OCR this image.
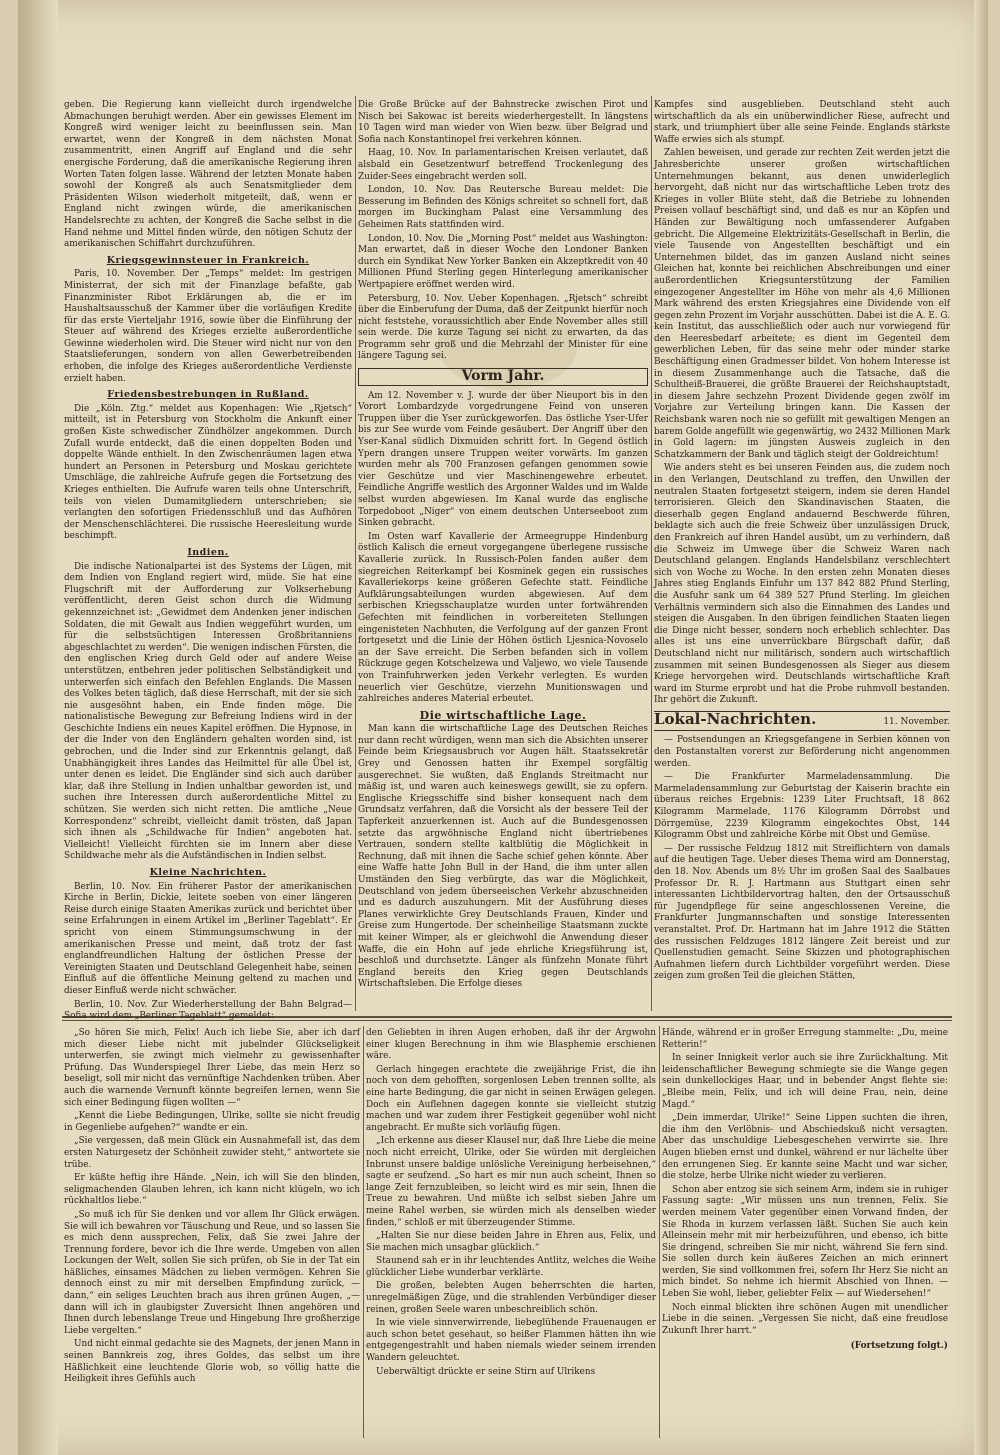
geben. Die Regierung kann vielleicht durch irgendwelche Abmachungen beruhigt werden. Aber ein gewisses Element im Kongreß wird weniger leicht zu beeinflussen sein. Man erwartet, wenn der Kongreß in dem nächsten Monat zusammentritt, einen Angriff auf England und die sehr energische Forderung, daß die amerikanische Regierung ihren Worten Taten folgen lasse. Während der letzten Monate haben sowohl der Kongreß als auch Senatsmitglieder dem Präsidenten Wilson wiederholt mitgeteilt, daß, wenn er England nicht zwingen würde, die amerikanischen Handelsrechte zu achten, der Kongreß die Sache selbst in die Hand nehme und Mittel finden würde, den nötigen Schutz der amerikanischen Schiffahrt durchzuführen.

Kriegsgewinnsteuer in Frankreich.

Paris, 10. November. Der „Temps“ meldet: Im gestrigen Ministerrat, der sich mit der Finanzlage befaßte, gab Finanzminister Ribot Erklärungen ab, die er im Haushaltsausschuß der Kammer über die vorläufigen Kredite für das erste Vierteljahr 1916, sowie über die Einführung der Steuer auf während des Krieges erzielte außerordentliche Gewinne wiederholen wird. Die Steuer wird nicht nur von den Staatslieferungen, sondern von allen Gewerbetreibenden erhoben, die infolge des Krieges außerordentliche Verdienste erzielt haben.

Friedensbestrebungen in Rußland.

Die „Köln. Ztg.“ meldet aus Kopenhagen: Wie „Rjetsch“ mitteilt, ist in Petersburg von Stockholm die Ankunft einer großen Kiste schwedischer Zündhölzer angekommen. Durch Zufall wurde entdeckt, daß die einen doppelten Boden und doppelte Wände enthielt. In den Zwischenräumen lagen etwa hundert an Personen in Petersburg und Moskau gerichtete Umschläge, die zahlreiche Aufrufe gegen die Fortsetzung des Krieges enthielten. Die Aufrufe waren teils ohne Unterschrift, teils von vielen Dumamitgliedern unterschrieben; sie verlangten den sofortigen Friedensschluß und das Aufhören der Menschenschlächterei. Die russische Heeresleitung wurde beschimpft.

Indien.

Die indische Nationalpartei ist des Systems der Lügen, mit dem Indien von England regiert wird, müde. Sie hat eine Flugschrift mit der Aufforderung zur Volkserhebung veröffentlicht, deren Geist schon durch die Widmung gekennzeichnet ist: „Gewidmet dem Andenken jener indischen Soldaten, die mit Gewalt aus Indien weggeführt wurden, um für die selbstsüchtigen Interessen Großbritanniens abgeschlachtet zu werden“. Die wenigen indischen Fürsten, die den englischen Krieg durch Geld oder auf andere Weise unterstützen, entbehren jeder politischen Selbständigkeit und unterwerfen sich einfach den Befehlen Englands. Die Massen des Volkes beten täglich, daß diese Herrschaft, mit der sie sich nie ausgesöhnt haben, ein Ende finden möge. Die nationalistische Bewegung zur Befreiung Indiens wird in der Geschichte Indiens ein neues Kapitel eröffnen. Die Hypnose, in der die Inder von den Engländern gehalten worden sind, ist gebrochen, und die Inder sind zur Erkenntnis gelangt, daß Unabhängigkeit ihres Landes das Heilmittel für alle Übel ist, unter denen es leidet. Die Engländer sind sich auch darüber klar, daß ihre Stellung in Indien unhaltbar geworden ist, und suchen ihre Interessen durch außerordentliche Mittel zu schützen. Sie werden sich nicht retten. Die amtliche „Neue Korrespondenz“ schreibt, vielleicht damit trösten, daß Japan sich ihnen als „Schildwache für Indien“ angeboten hat. Vielleicht! Vielleicht fürchten sie im Innern aber diese Schildwache mehr als die Aufständischen in Indien selbst.

Kleine Nachrichten.

Berlin, 10. Nov. Ein früherer Pastor der amerikanischen Kirche in Berlin, Dickie, leitete soeben von einer längeren Reise durch einige Staaten Amerikas zurück und berichtet über seine Erfahrungen in einem Artikel im „Berliner Tageblatt“. Er spricht von einem Stimmungsumschwung in der amerikanischen Presse und meint, daß trotz der fast englandfreundlichen Haltung der östlichen Presse der Vereinigten Staaten und Deutschland Gelegenheit habe, seinen Einfluß auf die öffentliche Meinung geltend zu machen und dieser Einfluß werde nicht schwächer.

Berlin, 10. Nov. Zur Wiederherstellung der Bahn Belgrad—Sofia wird dem „Berliner Tageblatt“ gemeldet:

Die Große Brücke auf der Bahnstrecke zwischen Pirot und Nisch bei Sakowac ist bereits wiederhergestellt. In längstens 10 Tagen wird man wieder von Wien bezw. über Belgrad und Sofia nach Konstantinopel frei verkehren können.

Haag, 10. Nov. In parlamentarischen Kreisen verlautet, daß alsbald ein Gesetzentwurf betreffend Trockenlegung des Zuider-Sees eingebracht werden soll.

London, 10. Nov. Das Reutersche Bureau meldet: Die Besserung im Befinden des Königs schreitet so schnell fort, daß morgen im Buckingham Palast eine Versammlung des Geheimen Rats stattfinden wird.

London, 10. Nov. Die „Morning Post“ meldet aus Washington: Man erwartet, daß in dieser Woche den Londoner Banken durch ein Syndikat New Yorker Banken ein Akzeptkredit von 40 Millionen Pfund Sterling gegen Hinterlegung amerikanischer Wertpapiere eröffnet werden wird.

Petersburg, 10. Nov. Ueber Kopenhagen. „Rjetsch“ schreibt über die Einberufung der Duma, daß der Zeitpunkt hierfür noch nicht feststehe, voraussichtlich aber Ende November alles still sein werde. Die kurze Tagung sei nicht zu erwarten, da das Programm sehr groß und die Mehrzahl der Minister für eine längere Tagung sei.

Vorm Jahr.

Am 12. November v. J. wurde der über Nieuport bis in den Vorort Lombardzyde vorgedrungene Feind von unseren Truppen über die Yser zurückgeworfen. Das östliche Yser-Ufer bis zur See wurde vom Feinde gesäubert. Der Angriff über den Yser-Kanal südlich Dixmuiden schritt fort. In Gegend östlich Ypern drangen unsere Truppen weiter vorwärts. Im ganzen wurden mehr als 700 Franzosen gefangen genommen sowie vier Geschütze und vier Maschinengewehre erbeutet. Feindliche Angriffe westlich des Argonner Waldes und im Walde selbst wurden abgewiesen. Im Kanal wurde das englische Torpedoboot „Niger“ von einem deutschen Unterseeboot zum Sinken gebracht.

Im Osten warf Kavallerie der Armeegruppe Hindenburg östlich Kalisch die erneut vorgegangene überlegene russische Kavallerie zurück. In Russisch-Polen fanden außer dem siegreichen Reiterkampf bei Kosminek gegen ein russisches Kavalleriekorps keine größeren Gefechte statt. Feindliche Aufklärungsabteilungen wurden abgewiesen. Auf dem serbischen Kriegsschauplatze wurden unter fortwährenden Gefechten mit feindlichen in vorbereiteten Stellungen eingenisteten Nachhuten, die Verfolgung auf der ganzen Front fortgesetzt und die Linie der Höhen östlich Ljesnica-Novoselo an der Save erreicht. Die Serben befanden sich in vollem Rückzuge gegen Kotschelzewa und Valjewo, wo viele Tausende von Trainfuhrwerken jeden Verkehr verlegten. Es wurden neuerlich vier Geschütze, vierzehn Munitionswagen und zahlreiches anderes Material erbeutet.

Die wirtschaftliche Lage.

Man kann die wirtschaftliche Lage des Deutschen Reiches nur dann recht würdigen, wenn man sich die Absichten unserer Feinde beim Kriegsausbruch vor Augen hält. Staatssekretär Grey und Genossen hatten ihr Exempel sorgfältig ausgerechnet. Sie wußten, daß Englands Streitmacht nur mäßig ist, und waren auch keineswegs gewillt, sie zu opfern. Englische Kriegsschiffe sind bisher konsequent nach dem Grundsatz verfahren, daß die Vorsicht als der bessere Teil der Tapferkeit anzuerkennen ist. Auch auf die Bundesgenossen setzte das argwöhnische England nicht übertriebenes Vertrauen, sondern stellte kaltblütig die Möglichkeit in Rechnung, daß mit ihnen die Sache schief gehen könnte. Aber eine Waffe hatte John Bull in der Hand, die ihm unter allen Umständen den Sieg verbürgte, das war die Möglichkeit, Deutschland von jedem überseeischen Verkehr abzuschneiden und es dadurch auszuhungern. Mit der Ausführung dieses Planes verwirklichte Grey Deutschlands Frauen, Kinder und Greise zum Hungertode. Der scheinheilige Staatsmann zuckte mit keiner Wimper, als er gleichwohl die Anwendung dieser Waffe, die ein Hohn auf jede ehrliche Kriegsführung ist, beschloß und durchsetzte. Länger als fünfzehn Monate führt England bereits den Krieg gegen Deutschlands Wirtschaftsleben. Die Erfolge dieses

Kampfes sind ausgeblieben. Deutschland steht auch wirtschaftlich da als ein unüberwindlicher Riese, aufrecht und stark, und triumphiert über alle seine Feinde. Englands stärkste Waffe erwies sich als stumpf.

Zahlen beweisen, und gerade zur rechten Zeit werden jetzt die Jahresberichte unserer großen wirtschaftlichen Unternehmungen bekannt, aus denen unwiderleglich hervorgeht, daß nicht nur das wirtschaftliche Leben trotz des Krieges in voller Blüte steht, daß die Betriebe zu lohnenden Preisen vollauf beschäftigt sind, und daß es nur an Köpfen und Händen zur Bewältigung noch umfassenderer Aufgaben gebricht. Die Allgemeine Elektrizitäts-Gesellschaft in Berlin, die viele Tausende von Angestellten beschäftigt und ein Unternehmen bildet, das im ganzen Ausland nicht seines Gleichen hat, konnte bei reichlichen Abschreibungen und einer außerordentlichen Kriegsunterstützung der Familien eingezogener Angestellter im Höhe von mehr als 4,6 Millionen Mark während des ersten Kriegsjahres eine Dividende von elf gegen zehn Prozent im Vorjahr ausschütten. Dabei ist die A. E. G. kein Institut, das ausschließlich oder auch nur vorwiegend für den Heeresbedarf arbeitete; es dient im Gegenteil dem gewerblichen Leben, für das seine mehr oder minder starke Beschäftigung einen Gradmesser bildet. Von hohem Interesse ist in diesem Zusammenhange auch die Tatsache, daß die Schultheiß-Brauerei, die größte Brauerei der Reichshauptstadt, in diesem Jahre sechzehn Prozent Dividende gegen zwölf im Vorjahre zur Verteilung bringen kann. Die Kassen der Reichsbank waren noch nie so gefüllt mit gewaltigen Mengen an barem Golde angefüllt wie gegenwärtig, wo 2432 Millionen Mark in Gold lagern: im jüngsten Ausweis zugleich in den Schatzkammern der Bank und täglich steigt der Goldreichtum!

Wie anders steht es bei unseren Feinden aus, die zudem noch in den Verlangen, Deutschland zu treffen, den Unwillen der neutralen Staaten fortgesetzt steigern, indem sie deren Handel terrorisieren. Gleich den Skandinavischen Staaten, die dieserhalb gegen England andauernd Beschwerde führen, beklagte sich auch die freie Schweiz über unzulässigen Druck, den Frankreich auf ihren Handel ausübt, um zu verhindern, daß die Schweiz im Umwege über die Schweiz Waren nach Deutschland gelangen. Englands Handelsbilanz verschlechtert sich von Woche zu Woche. In den ersten zehn Monaten dieses Jahres stieg Englands Einfuhr um 137 842 882 Pfund Sterling, die Ausfuhr sank um 64 389 527 Pfund Sterling. Im gleichen Verhältnis vermindern sich also die Einnahmen des Landes und steigen die Ausgaben. In den übrigen feindlichen Staaten liegen die Dinge nicht besser, sondern noch erheblich schlechter. Das alles ist uns eine unverrückbare Bürgschaft dafür, daß Deutschland nicht nur militärisch, sondern auch wirtschaftlich zusammen mit seinen Bundesgenossen als Sieger aus diesem Kriege hervorgehen wird. Deutschlands wirtschaftliche Kraft ward im Sturme erprobt und hat die Probe ruhmvoll bestanden. Ihr gehört die Zukunft.

Lokal-Nachrichten.	11. November.

— Postsendungen an Kriegsgefangene in Serbien können von den Postanstalten vorerst zur Beförderung nicht angenommen werden.

— Die Frankfurter Marmeladensammlung. Die Marmeladensammlung zur Geburtstag der Kaiserin brachte ein überaus reiches Ergebnis: 1239 Liter Fruchtsaft, 18 862 Kilogramm Marmelade, 1176 Kilogramm Dörrobst und Dörrgemüse, 2239 Kilogramm eingekochtes Obst, 144 Kilogramm Obst und zahlreiche Körbe mit Obst und Gemüse.

— Der russische Feldzug 1812 mit Streiflichtern von damals auf die heutigen Tage. Ueber dieses Thema wird am Donnerstag, den 18. Nov. Abends um 8½ Uhr im großen Saal des Saalbaues Professor Dr. R. J. Hartmann aus Stuttgart einen sehr interessanten Lichtbildervortrag halten, den der Ortsausschuß für Jugendpflege für seine angeschlossenen Vereine, die Frankfurter Jungmannschaften und sonstige Interessenten veranstaltet. Prof. Dr. Hartmann hat im Jahre 1912 die Stätten des russischen Feldzuges 1812 längere Zeit bereist und zur Quellenstudien gemacht. Seine Skizzen und photographischen Aufnahmen liefern durch Lichtbilder vorgeführt werden. Diese zeigen zum großen Teil die gleichen Stätten,

„So hören Sie mich, Felix! Auch ich liebe Sie, aber ich darf mich dieser Liebe nicht mit jubelnder Glückseligkeit unterwerfen, sie zwingt mich vielmehr zu gewissenhafter Prüfung. Das Wunderspiegel Ihrer Liebe, das mein Herz so beseligt, soll mir nicht das vernünftige Nachdenken trüben. Aber auch die warnende Vernunft könnte begreifen lernen, wenn Sie sich einer Bedingung fügen wollten —“

„Kennt die Liebe Bedingungen, Ulrike, sollte sie nicht freudig in Gegenliebe aufgehen?“ wandte er ein.

„Sie vergessen, daß mein Glück ein Ausnahmefall ist, das dem ersten Naturgesetz der Schönheit zuwider steht,“ antwortete sie trübe.

Er küßte heftig ihre Hände. „Nein, ich will Sie den blinden, seligmachenden Glauben lehren, ich kann nicht klügeln, wo ich rückhaltlos liebe.“

„So muß ich für Sie denken und vor allem Ihr Glück erwägen. Sie will ich bewahren vor Täuschung und Reue, und so lassen Sie es mich denn aussprechen, Felix, daß Sie zwei Jahre der Trennung fordere, bevor ich die Ihre werde. Umgeben von allen Lockungen der Welt, sollen Sie sich prüfen, ob Sie in der Tat ein häßliches, einsames Mädchen zu lieben vermögen. Kehren Sie dennoch einst zu mir mit derselben Empfindung zurück, — dann,“ ein seliges Leuchten brach aus ihren grünen Augen, „— dann will ich in glaubigster Zuversicht Ihnen angehören und Ihnen durch lebenslange Treue und Hingebung Ihre großherzige Liebe vergelten.“

Und nicht einmal gedachte sie des Magnets, der jenen Mann in seinen Bannkreis zog, ihres Goldes, das selbst um ihre Häßlichkeit eine leuchtende Glorie wob, so völlig hatte die Heiligkeit ihres Gefühls auch

den Geliebten in ihren Augen erhoben, daß ihr der Argwohn einer klugen Berechnung in ihm wie Blasphemie erschienen wäre.

Gerlach hingegen erachtete die zweijährige Frist, die ihn noch von dem gehofften, sorgenlosen Leben trennen sollte, als eine harte Bedingung, die gar nicht in seinen Erwägen gelegen. Doch ein Auflehnen dagegen konnte sie vielleicht stutzig machen und war zudem ihrer Festigkeit gegenüber wohl nicht angebracht. Er mußte sich vorläufig fügen.

„Ich erkenne aus dieser Klausel nur, daß Ihre Liebe die meine noch nicht erreicht, Ulrike, oder Sie würden mit dergleichen Inbrunst unsere baldige unlösliche Vereinigung herbeisehnen,“ sagte er seufzend. „So hart es mir nun auch scheint, Ihnen so lange Zeit fernzubleiben, so leicht wird es mir sein, Ihnen die Treue zu bewahren. Und müßte ich selbst sieben Jahre um meine Rahel werben, sie würden mich als denselben wieder finden,“ schloß er mit überzeugender Stimme.

„Halten Sie nur diese beiden Jahre in Ehren aus, Felix, und Sie machen mich unsagbar glücklich.“

Staunend sah er in ihr leuchtendes Antlitz, welches die Weihe glücklicher Liebe wunderbar verklärte.

Die großen, belebten Augen beherrschten die harten, unregelmäßigen Züge, und die strahlenden Verbündiger dieser reinen, großen Seele waren unbeschreiblich schön.

In wie viele sinnverwirrende, liebeglühende Frauenaugen er auch schon betet gesehaut, so heißer Flammen hätten ihn wie entgegengestrahlt und haben niemals wieder seinem irrenden Wandern geleuchtet.

Ueberwältigt drückte er seine Stirn auf Ulrikens

Hände, während er in großer Erregung stammelte: „Du, meine Retterin!“

In seiner Innigkeit verlor auch sie ihre Zurückhaltung. Mit leidenschaftlicher Bewegung schmiegte sie die Wange gegen sein dunkellockiges Haar, und in bebender Angst flehte sie: „Bleibe mein, Felix, und ich will deine Frau, nein, deine Magd.“

„Dein immerdar, Ulrike!“ Seine Lippen suchten die ihren, die ihm den Verlöbnis- und Abschiedskuß nicht versagten. Aber das unschuldige Liebesgeschehen verwirrte sie. Ihre Augen blieben ernst und dunkel, während er nur lächelte über den errungenen Sieg. Er kannte seine Macht und war sicher, die stolze, herbe Ulrike nicht wieder zu verlieren.

Schon aber entzog sie sich seinem Arm, indem sie in ruhiger Fassung sagte: „Wir müssen uns nun trennen, Felix. Sie werden meinem Vater gegenüber einen Vorwand finden, der Sie Rhoda in kurzem verlassen läßt. Suchen Sie auch kein Alleinsein mehr mit mir herbeizuführen, und ebenso, ich bitte Sie dringend, schreiben Sie mir nicht, während Sie fern sind. Sie sollen durch kein äußeres Zeichen an mich erinnert werden, Sie sind vollkommen frei, sofern Ihr Herz Sie nicht an mich bindet. So nehme ich hiermit Abschied von Ihnen. — Leben Sie wohl, lieber, geliebter Felix — auf Wiedersehen!“

Noch einmal blickten ihre schönen Augen mit unendlicher Liebe in die seinen. „Vergessen Sie nicht, daß eine freudlose Zukunft Ihrer harrt.“

(Fortsetzung folgt.)
